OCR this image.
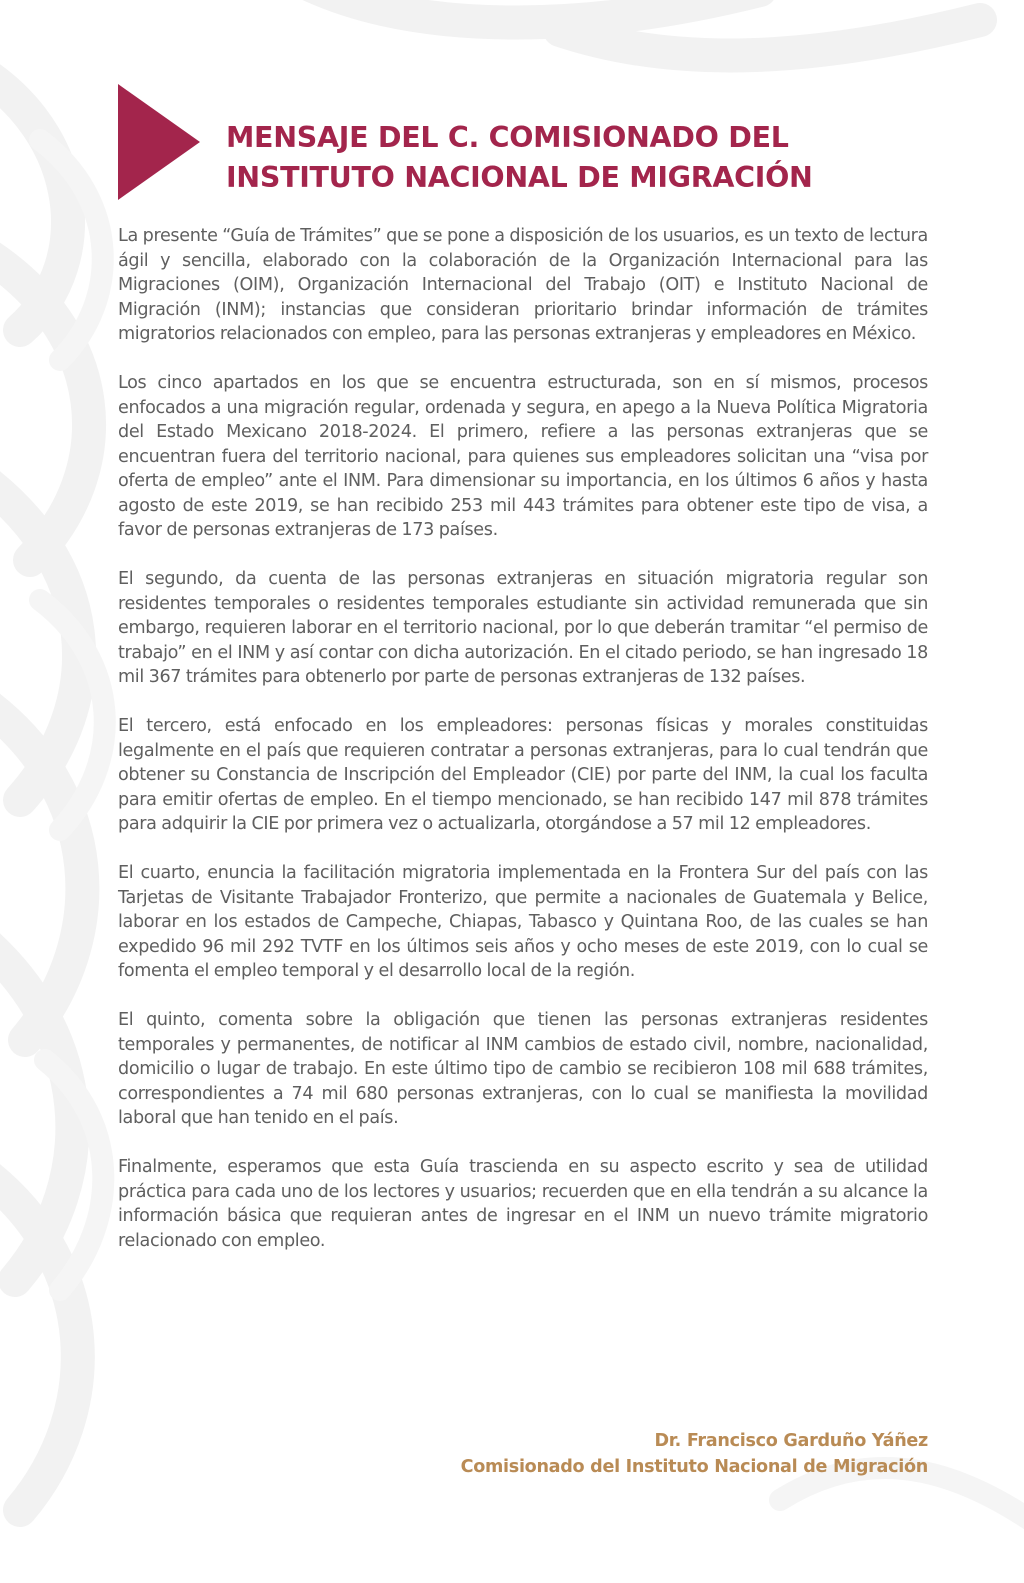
MENSAJE DEL C. COMISIONADO DEL
INSTITUTO NACIONAL DE MIGRACIÓN

La presente “Guía de Trámites” que se pone a disposición de los usuarios, es un texto de lectura ágil y sencilla, elaborado con la colaboración de la Organización Internacional para las Migraciones (OIM), Organización Internacional del Trabajo (OIT) e Instituto Nacional de Migración (INM); instancias que consideran prioritario brindar información de trámites migratorios relacionados con empleo, para las personas extranjeras y empleadores en México.

Los cinco apartados en los que se encuentra estructurada, son en sí mismos, procesos enfocados a una migración regular, ordenada y segura, en apego a la Nueva Política Migratoria del Estado Mexicano 2018-2024. El primero, refiere a las personas extranjeras que se encuentran fuera del territorio nacional, para quienes sus empleadores solicitan una “visa por oferta de empleo” ante el INM. Para dimensionar su importancia, en los últimos 6 años y hasta agosto de este 2019, se han recibido 253 mil 443 trámites para obtener este tipo de visa, a favor de personas extranjeras de 173 países.

El segundo, da cuenta de las personas extranjeras en situación migratoria regular son residentes temporales o residentes temporales estudiante sin actividad remunerada que sin embargo, requieren laborar en el territorio nacional, por lo que deberán tramitar “el permiso de trabajo” en el INM y así contar con dicha autorización. En el citado periodo, se han ingresado 18 mil 367 trámites para obtenerlo por parte de personas extranjeras de 132 países.

El tercero, está enfocado en los empleadores: personas físicas y morales constituidas legalmente en el país que requieren contratar a personas extranjeras, para lo cual tendrán que obtener su Constancia de Inscripción del Empleador (CIE) por parte del INM, la cual los faculta para emitir ofertas de empleo. En el tiempo mencionado, se han recibido 147 mil 878 trámites para adquirir la CIE por primera vez o actualizarla, otorgándose a 57 mil 12 empleadores.

El cuarto, enuncia la facilitación migratoria implementada en la Frontera Sur del país con las Tarjetas de Visitante Trabajador Fronterizo, que permite a nacionales de Guatemala y Belice, laborar en los estados de Campeche, Chiapas, Tabasco y Quintana Roo, de las cuales se han expedido 96 mil 292 TVTF en los últimos seis años y ocho meses de este 2019, con lo cual se fomenta el empleo temporal y el desarrollo local de la región.

El quinto, comenta sobre la obligación que tienen las personas extranjeras residentes temporales y permanentes, de notificar al INM cambios de estado civil, nombre, nacionalidad, domicilio o lugar de trabajo. En este último tipo de cambio se recibieron 108 mil 688 trámites, correspondientes a 74 mil 680 personas extranjeras, con lo cual se manifiesta la movilidad laboral que han tenido en el país.

Finalmente, esperamos que esta Guía trascienda en su aspecto escrito y sea de utilidad práctica para cada uno de los lectores y usuarios; recuerden que en ella tendrán a su alcance la información básica que requieran antes de ingresar en el INM un nuevo trámite migratorio relacionado con empleo.

Dr. Francisco Garduño Yáñez
Comisionado del Instituto Nacional de Migración
